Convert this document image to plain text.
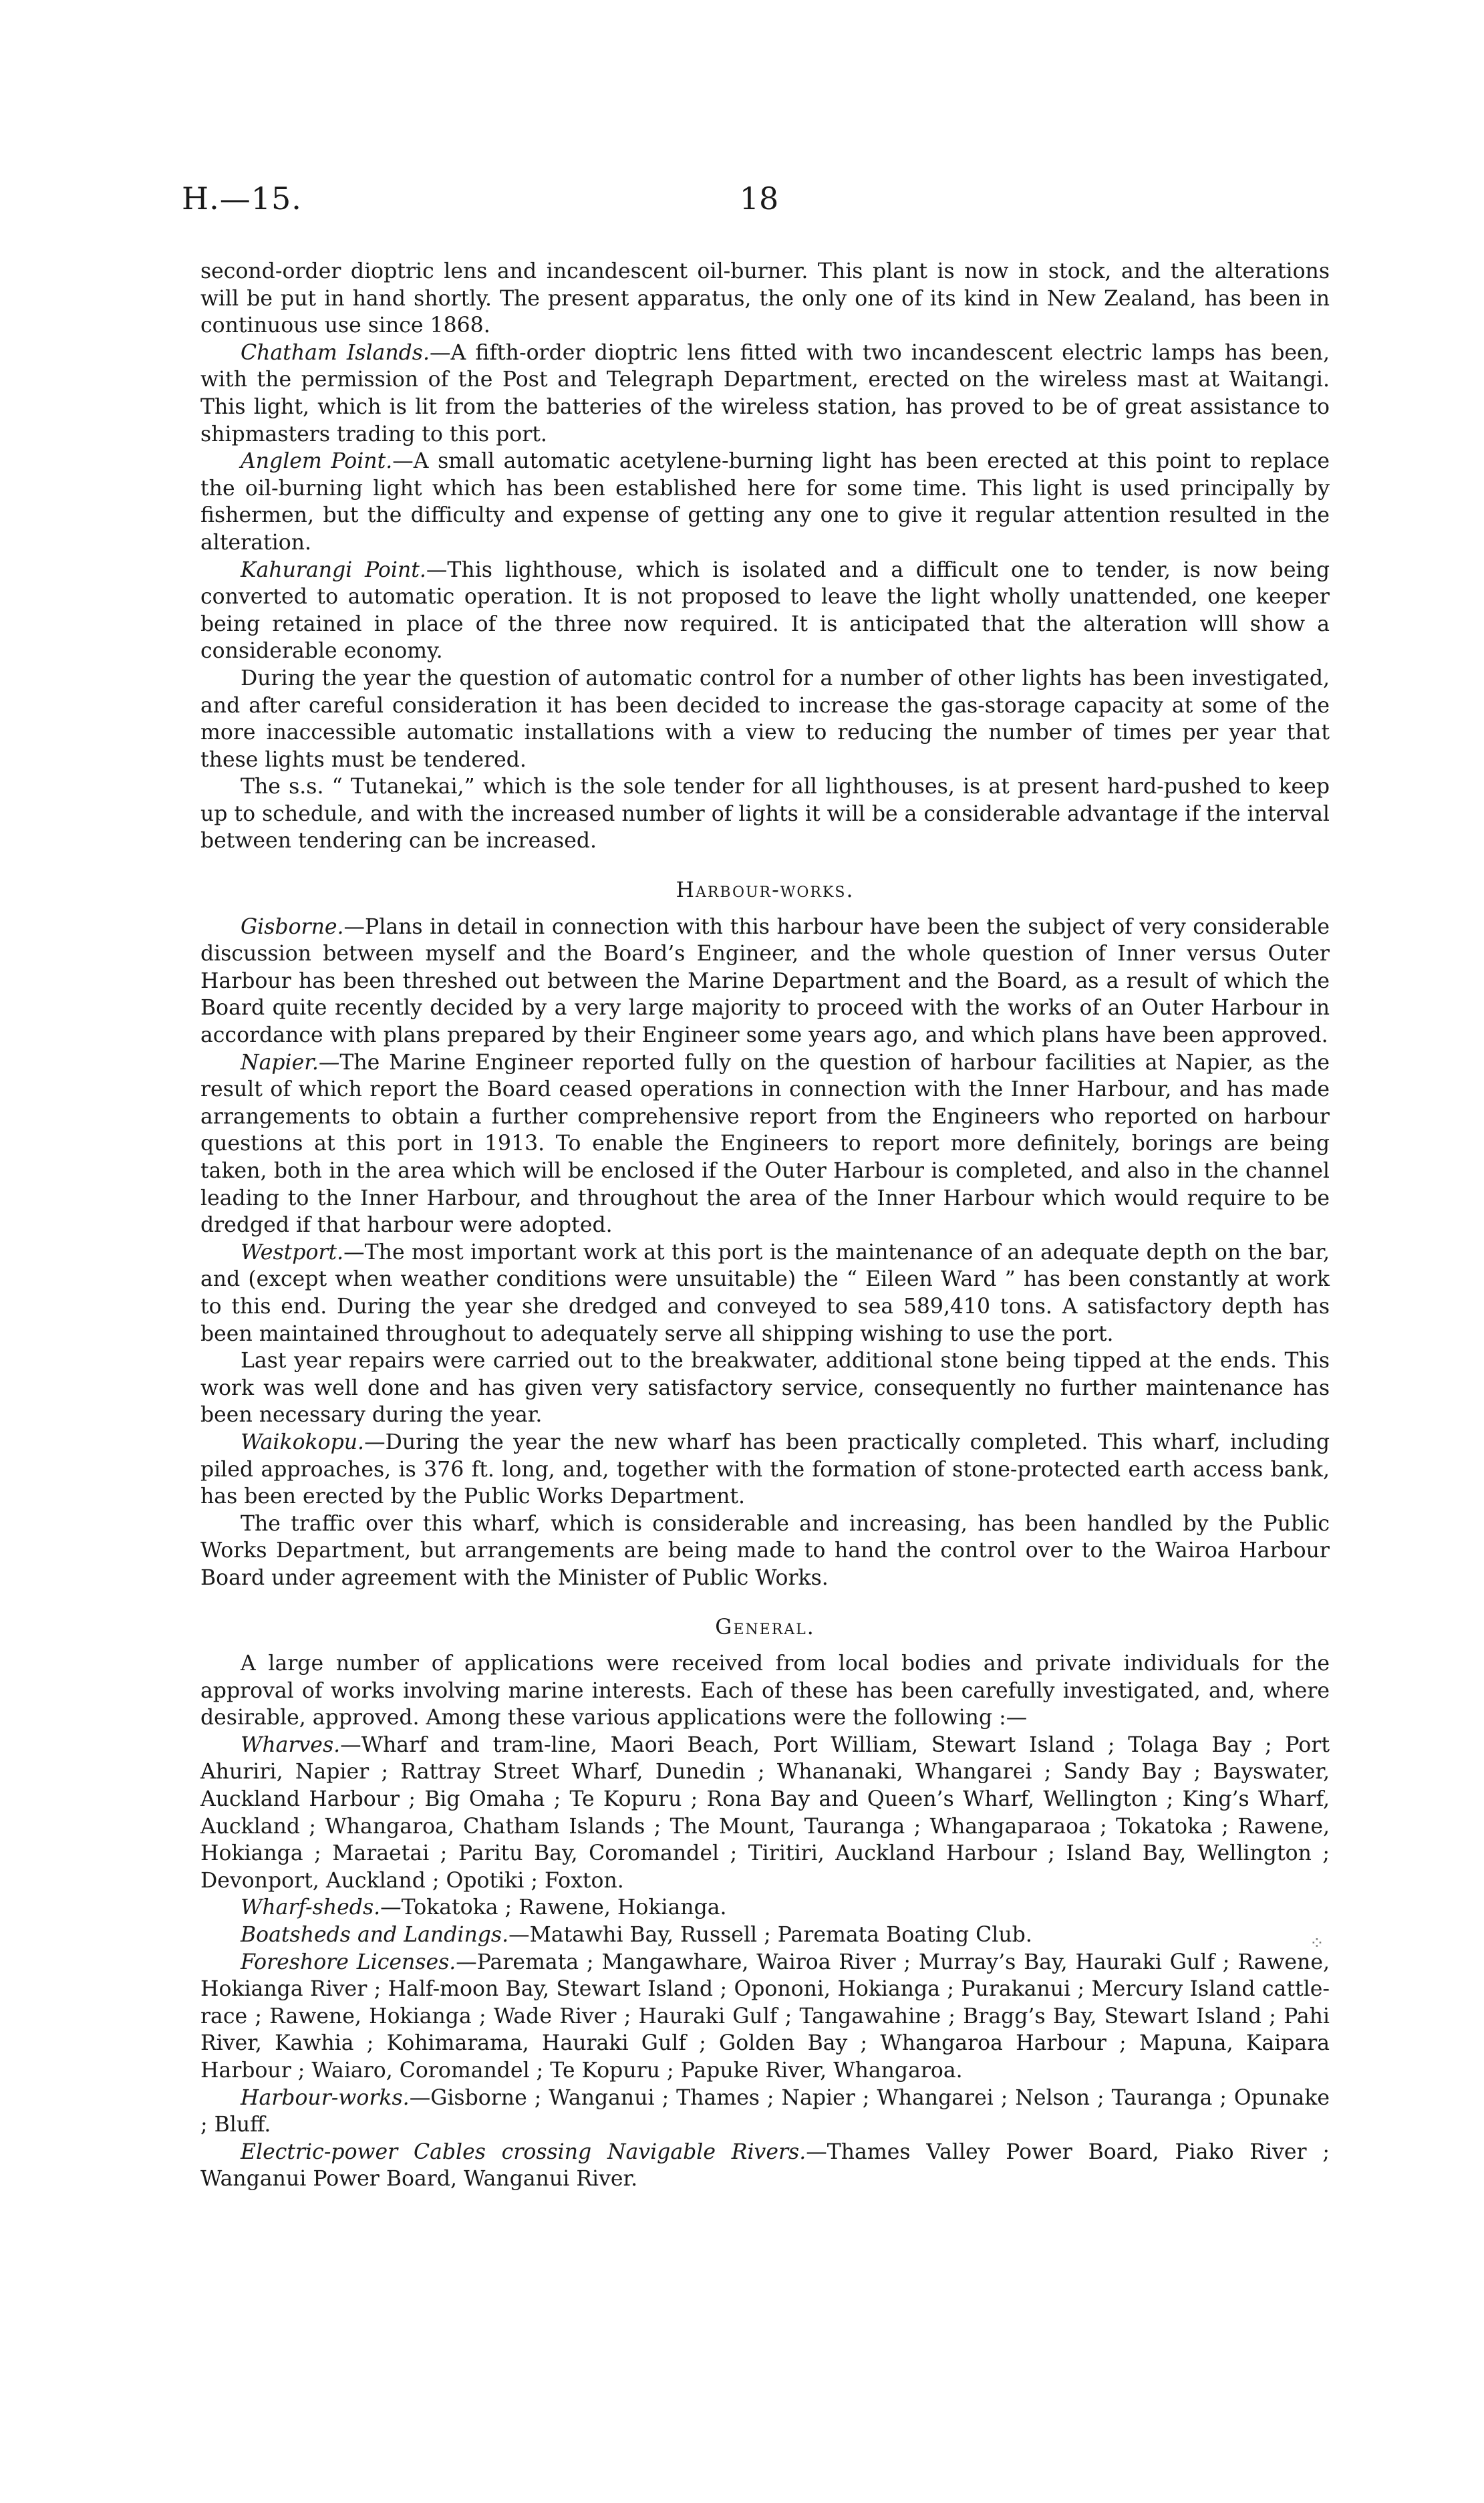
H.—15.	18

second-order dioptric lens and incandescent oil-burner. This plant is now in stock, and the alterations will be put in hand shortly. The present apparatus, the only one of its kind in New Zealand, has been in continuous use since 1868.

Chatham Islands.—A fifth-order dioptric lens fitted with two incandescent electric lamps has been, with the permission of the Post and Telegraph Department, erected on the wireless mast at Waitangi. This light, which is lit from the batteries of the wireless station, has proved to be of great assistance to shipmasters trading to this port.

Anglem Point.—A small automatic acetylene-burning light has been erected at this point to replace the oil-burning light which has been established here for some time. This light is used principally by fishermen, but the difficulty and expense of getting any one to give it regular attention resulted in the alteration.

Kahurangi Point.—This lighthouse, which is isolated and a difficult one to tender, is now being converted to automatic operation. It is not proposed to leave the light wholly unattended, one keeper being retained in place of the three now required. It is anticipated that the alteration wlll show a considerable economy.

During the year the question of automatic control for a number of other lights has been investigated, and after careful consideration it has been decided to increase the gas-storage capacity at some of the more inaccessible automatic installations with a view to reducing the number of times per year that these lights must be tendered.

The s.s. “ Tutanekai,” which is the sole tender for all lighthouses, is at present hard-pushed to keep up to schedule, and with the increased number of lights it will be a considerable advantage if the interval between tendering can be increased.

Harbour-works.

Gisborne.—Plans in detail in connection with this harbour have been the subject of very considerable discussion between myself and the Board’s Engineer, and the whole question of Inner versus Outer Harbour has been threshed out between the Marine Department and the Board, as a result of which the Board quite recently decided by a very large majority to proceed with the works of an Outer Harbour in accordance with plans prepared by their Engineer some years ago, and which plans have been approved.

Napier.—The Marine Engineer reported fully on the question of harbour facilities at Napier, as the result of which report the Board ceased operations in connection with the Inner Harbour, and has made arrangements to obtain a further comprehensive report from the Engineers who reported on harbour questions at this port in 1913. To enable the Engineers to report more definitely, borings are being taken, both in the area which will be enclosed if the Outer Harbour is completed, and also in the channel leading to the Inner Harbour, and throughout the area of the Inner Harbour which would require to be dredged if that harbour were adopted.

Westport.—The most important work at this port is the maintenance of an adequate depth on the bar, and (except when weather conditions were unsuitable) the “ Eileen Ward ” has been constantly at work to this end. During the year she dredged and conveyed to sea 589,410 tons. A satisfactory depth has been maintained throughout to adequately serve all shipping wishing to use the port.

Last year repairs were carried out to the breakwater, additional stone being tipped at the ends. This work was well done and has given very satisfactory service, consequently no further maintenance has been necessary during the year.

Waikokopu.—During the year the new wharf has been practically completed. This wharf, including piled approaches, is 376 ft. long, and, together with the formation of stone-protected earth access bank, has been erected by the Public Works Department.

The traffic over this wharf, which is considerable and increasing, has been handled by the Public Works Department, but arrangements are being made to hand the control over to the Wairoa Harbour Board under agreement with the Minister of Public Works.

General.

A large number of applications were received from local bodies and private individuals for the approval of works involving marine interests. Each of these has been carefully investigated, and, where desirable, approved. Among these various applications were the following :—

Wharves.—Wharf and tram-line, Maori Beach, Port William, Stewart Island ; Tolaga Bay ; Port Ahuriri, Napier ; Rattray Street Wharf, Dunedin ; Whananaki, Whangarei ; Sandy Bay ; Bayswater, Auckland Harbour ; Big Omaha ; Te Kopuru ; Rona Bay and Queen’s Wharf, Wellington ; King’s Wharf, Auckland ; Whangaroa, Chatham Islands ; The Mount, Tauranga ; Whangaparaoa ; Tokatoka ; Rawene, Hokianga ; Maraetai ; Paritu Bay, Coromandel ; Tiritiri, Auckland Harbour ; Island Bay, Wellington ; Devonport, Auckland ; Opotiki ; Foxton.

Wharf-sheds.—Tokatoka ; Rawene, Hokianga.

Boatsheds and Landings.—Matawhi Bay, Russell ; Paremata Boating Club.

Foreshore Licenses.—Paremata ; Mangawhare, Wairoa River ; Murray’s Bay, Hauraki Gulf ; Rawene, Hokianga River ; Half-moon Bay, Stewart Island ; Opononi, Hokianga ; Purakanui ; Mercury Island cattle-race ; Rawene, Hokianga ; Wade River ; Hauraki Gulf ; Tangawahine ; Bragg’s Bay, Stewart Island ; Pahi River, Kawhia ; Kohimarama, Hauraki Gulf ; Golden Bay ; Whangaroa Harbour ; Mapuna, Kaipara Harbour ; Waiaro, Coromandel ; Te Kopuru ; Papuke River, Whangaroa.

Harbour-works.—Gisborne ; Wanganui ; Thames ; Napier ; Whangarei ; Nelson ; Tauranga ; Opunake ; Bluff.

Electric-power Cables crossing Navigable Rivers.—Thames Valley Power Board, Piako River ; Wanganui Power Board, Wanganui River.

⁘
